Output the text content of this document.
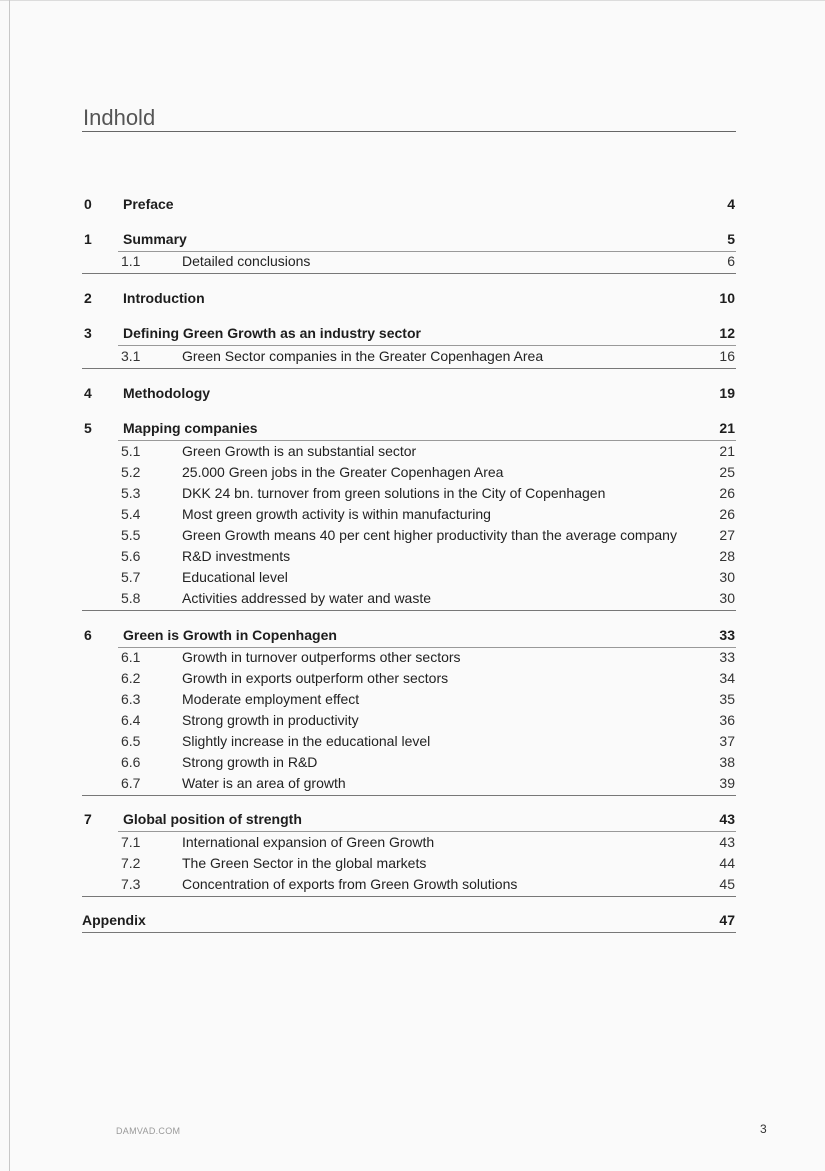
Indhold
0 Preface	4
1 Summary	5
1.1	Detailed conclusions	6
2 Introduction	10
3 Defining Green Growth as an industry sector	12
3.1	Green Sector companies in the Greater Copenhagen Area	16
4 Methodology	19
5 Mapping companies	21
5.1	Green Growth is an substantial sector	21
5.2	25.000 Green jobs in the Greater Copenhagen Area	25
5.3	DKK 24 bn. turnover from green solutions in the City of Copenhagen	26
5.4	Most green growth activity is within manufacturing	26
5.5	Green Growth means 40 per cent higher productivity than the average company	27
5.6	R&D investments	28
5.7	Educational level	30
5.8	Activities addressed by water and waste	30
6 Green is Growth in Copenhagen	33
6.1	Growth in turnover outperforms other sectors	33
6.2	Growth in exports outperform other sectors	34
6.3	Moderate employment effect	35
6.4	Strong growth in productivity	36
6.5	Slightly increase in the educational level	37
6.6	Strong growth in R&D	38
6.7	Water is an area of growth	39
7 Global position of strength	43
7.1	International expansion of Green Growth	43
7.2	The Green Sector in the global markets	44
7.3	Concentration of exports from Green Growth solutions	45
Appendix	47
DAMVAD.COM	3
